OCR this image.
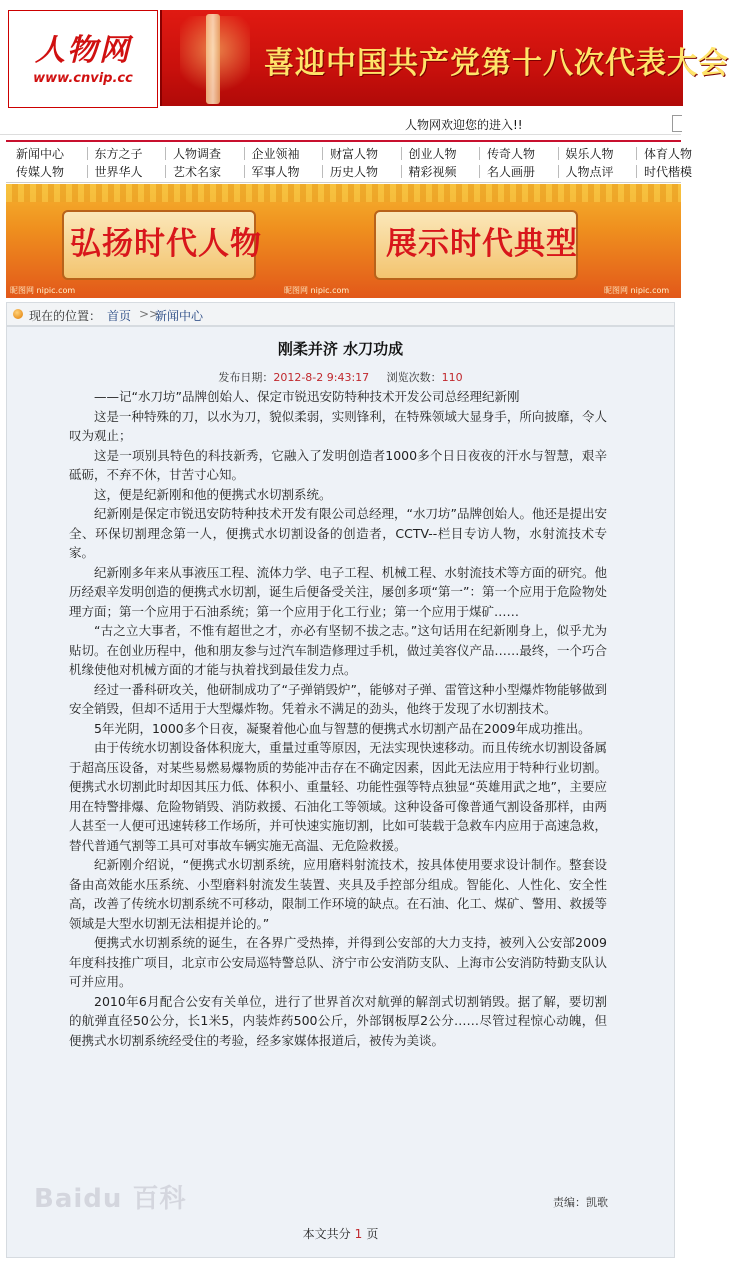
人物网
www.cnvip.cc	喜迎中国共产党第十八次代表大会
人物网欢迎您的进入!!
新闻中心	东方之子	人物调查	企业领袖	财富人物	创业人物	传奇人物	娱乐人物	体育人物
传媒人物	世界华人	艺术名家	军事人物	历史人物	精彩视频	名人画册	人物点评	时代楷模
弘扬时代人物	展示时代典型
昵图网 nipic.com	昵图网 nipic.com	昵图网 nipic.com
现在的位置： 首页 >>
新闻中心
刚柔并济 水刀功成
发布日期：2012-8-2 9:43:17 浏览次数：110

——记“水刀坊”品牌创始人、保定市锐迅安防特种技术开发公司总经理纪新刚

这是一种特殊的刀，以水为刀，貌似柔弱，实则锋利，在特殊领域大显身手，所向披靡，令人叹为观止；

这是一项别具特色的科技新秀，它融入了发明创造者1000多个日日夜夜的汗水与智慧，艰辛砥砺，不弃不休，甘苦寸心知。

这，便是纪新刚和他的便携式水切割系统。

纪新刚是保定市锐迅安防特种技术开发有限公司总经理，“水刀坊”品牌创始人。他还是提出安全、环保切割理念第一人，便携式水切割设备的创造者，CCTV--栏目专访人物，水射流技术专家。

纪新刚多年来从事液压工程、流体力学、电子工程、机械工程、水射流技术等方面的研究。他历经艰辛发明创造的便携式水切割，诞生后便备受关注，屡创多项“第一”：第一个应用于危险物处理方面；第一个应用于石油系统；第一个应用于化工行业；第一个应用于煤矿……

“古之立大事者，不惟有超世之才，亦必有坚韧不拔之志。”这句话用在纪新刚身上，似乎尤为贴切。在创业历程中，他和朋友参与过汽车制造修理过手机，做过美容仪产品……最终，一个巧合机缘使他对机械方面的才能与执着找到最佳发力点。

经过一番科研攻关，他研制成功了“子弹销毁炉”，能够对子弹、雷管这种小型爆炸物能够做到安全销毁，但却不适用于大型爆炸物。凭着永不满足的劲头，他终于发现了水切割技术。

5年光阴，1000多个日夜，凝聚着他心血与智慧的便携式水切割产品在2009年成功推出。

由于传统水切割设备体积庞大，重量过重等原因，无法实现快速移动。而且传统水切割设备属于超高压设备，对某些易燃易爆物质的势能冲击存在不确定因素，因此无法应用于特种行业切割。便携式水切割此时却因其压力低、体积小、重量轻、功能性强等特点独显“英雄用武之地”，主要应用在特警排爆、危险物销毁、消防救援、石油化工等领域。这种设备可像普通气割设备那样，由两人甚至一人便可迅速转移工作场所，并可快速实施切割，比如可装载于急救车内应用于高速急救，替代普通气割等工具可对事故车辆实施无高温、无危险救援。

纪新刚介绍说，“便携式水切割系统，应用磨料射流技术，按具体使用要求设计制作。整套设备由高效能水压系统、小型磨料射流发生装置、夹具及手控部分组成。智能化、人性化、安全性高，改善了传统水切割系统不可移动，限制工作环境的缺点。在石油、化工、煤矿、警用、救援等领域是大型水切割无法相提并论的。”

便携式水切割系统的诞生，在各界广受热捧，并得到公安部的大力支持，被列入公安部2009年度科技推广项目，北京市公安局巡特警总队、济宁市公安消防支队、上海市公安消防特勤支队认可并应用。

2010年6月配合公安有关单位，进行了世界首次对航弹的解剖式切割销毁。据了解，要切割的航弹直径50公分，长1米5，内装炸药500公斤，外部钢板厚2公分……尽管过程惊心动魄，但便携式水切割系统经受住的考验，经多家媒体报道后，被传为美谈。

责编：凯歌
本文共分 1 页
Baidu 百科
